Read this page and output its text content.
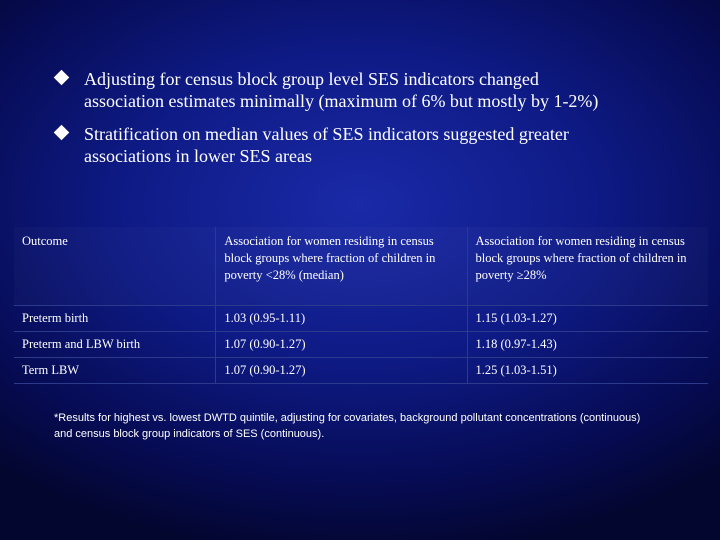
Adjusting for census block group level SES indicators changed
association estimates minimally (maximum of 6% but mostly by 1-2%)
Stratification on median values of SES indicators suggested greater
associations in lower SES areas
Outcome	Association for women residing in census block groups where fraction of children in poverty <28% (median)	Association for women residing in census block groups where fraction of children in poverty ≥28%
Preterm birth	1.03 (0.95-1.11)	1.15 (1.03-1.27)
Preterm and LBW birth	1.07 (0.90-1.27)	1.18 (0.97-1.43)
Term LBW	1.07 (0.90-1.27)	1.25 (1.03-1.51)
*Results for highest vs. lowest DWTD quintile, adjusting for covariates, background pollutant concentrations (continuous) and census block group indicators of SES (continuous).
